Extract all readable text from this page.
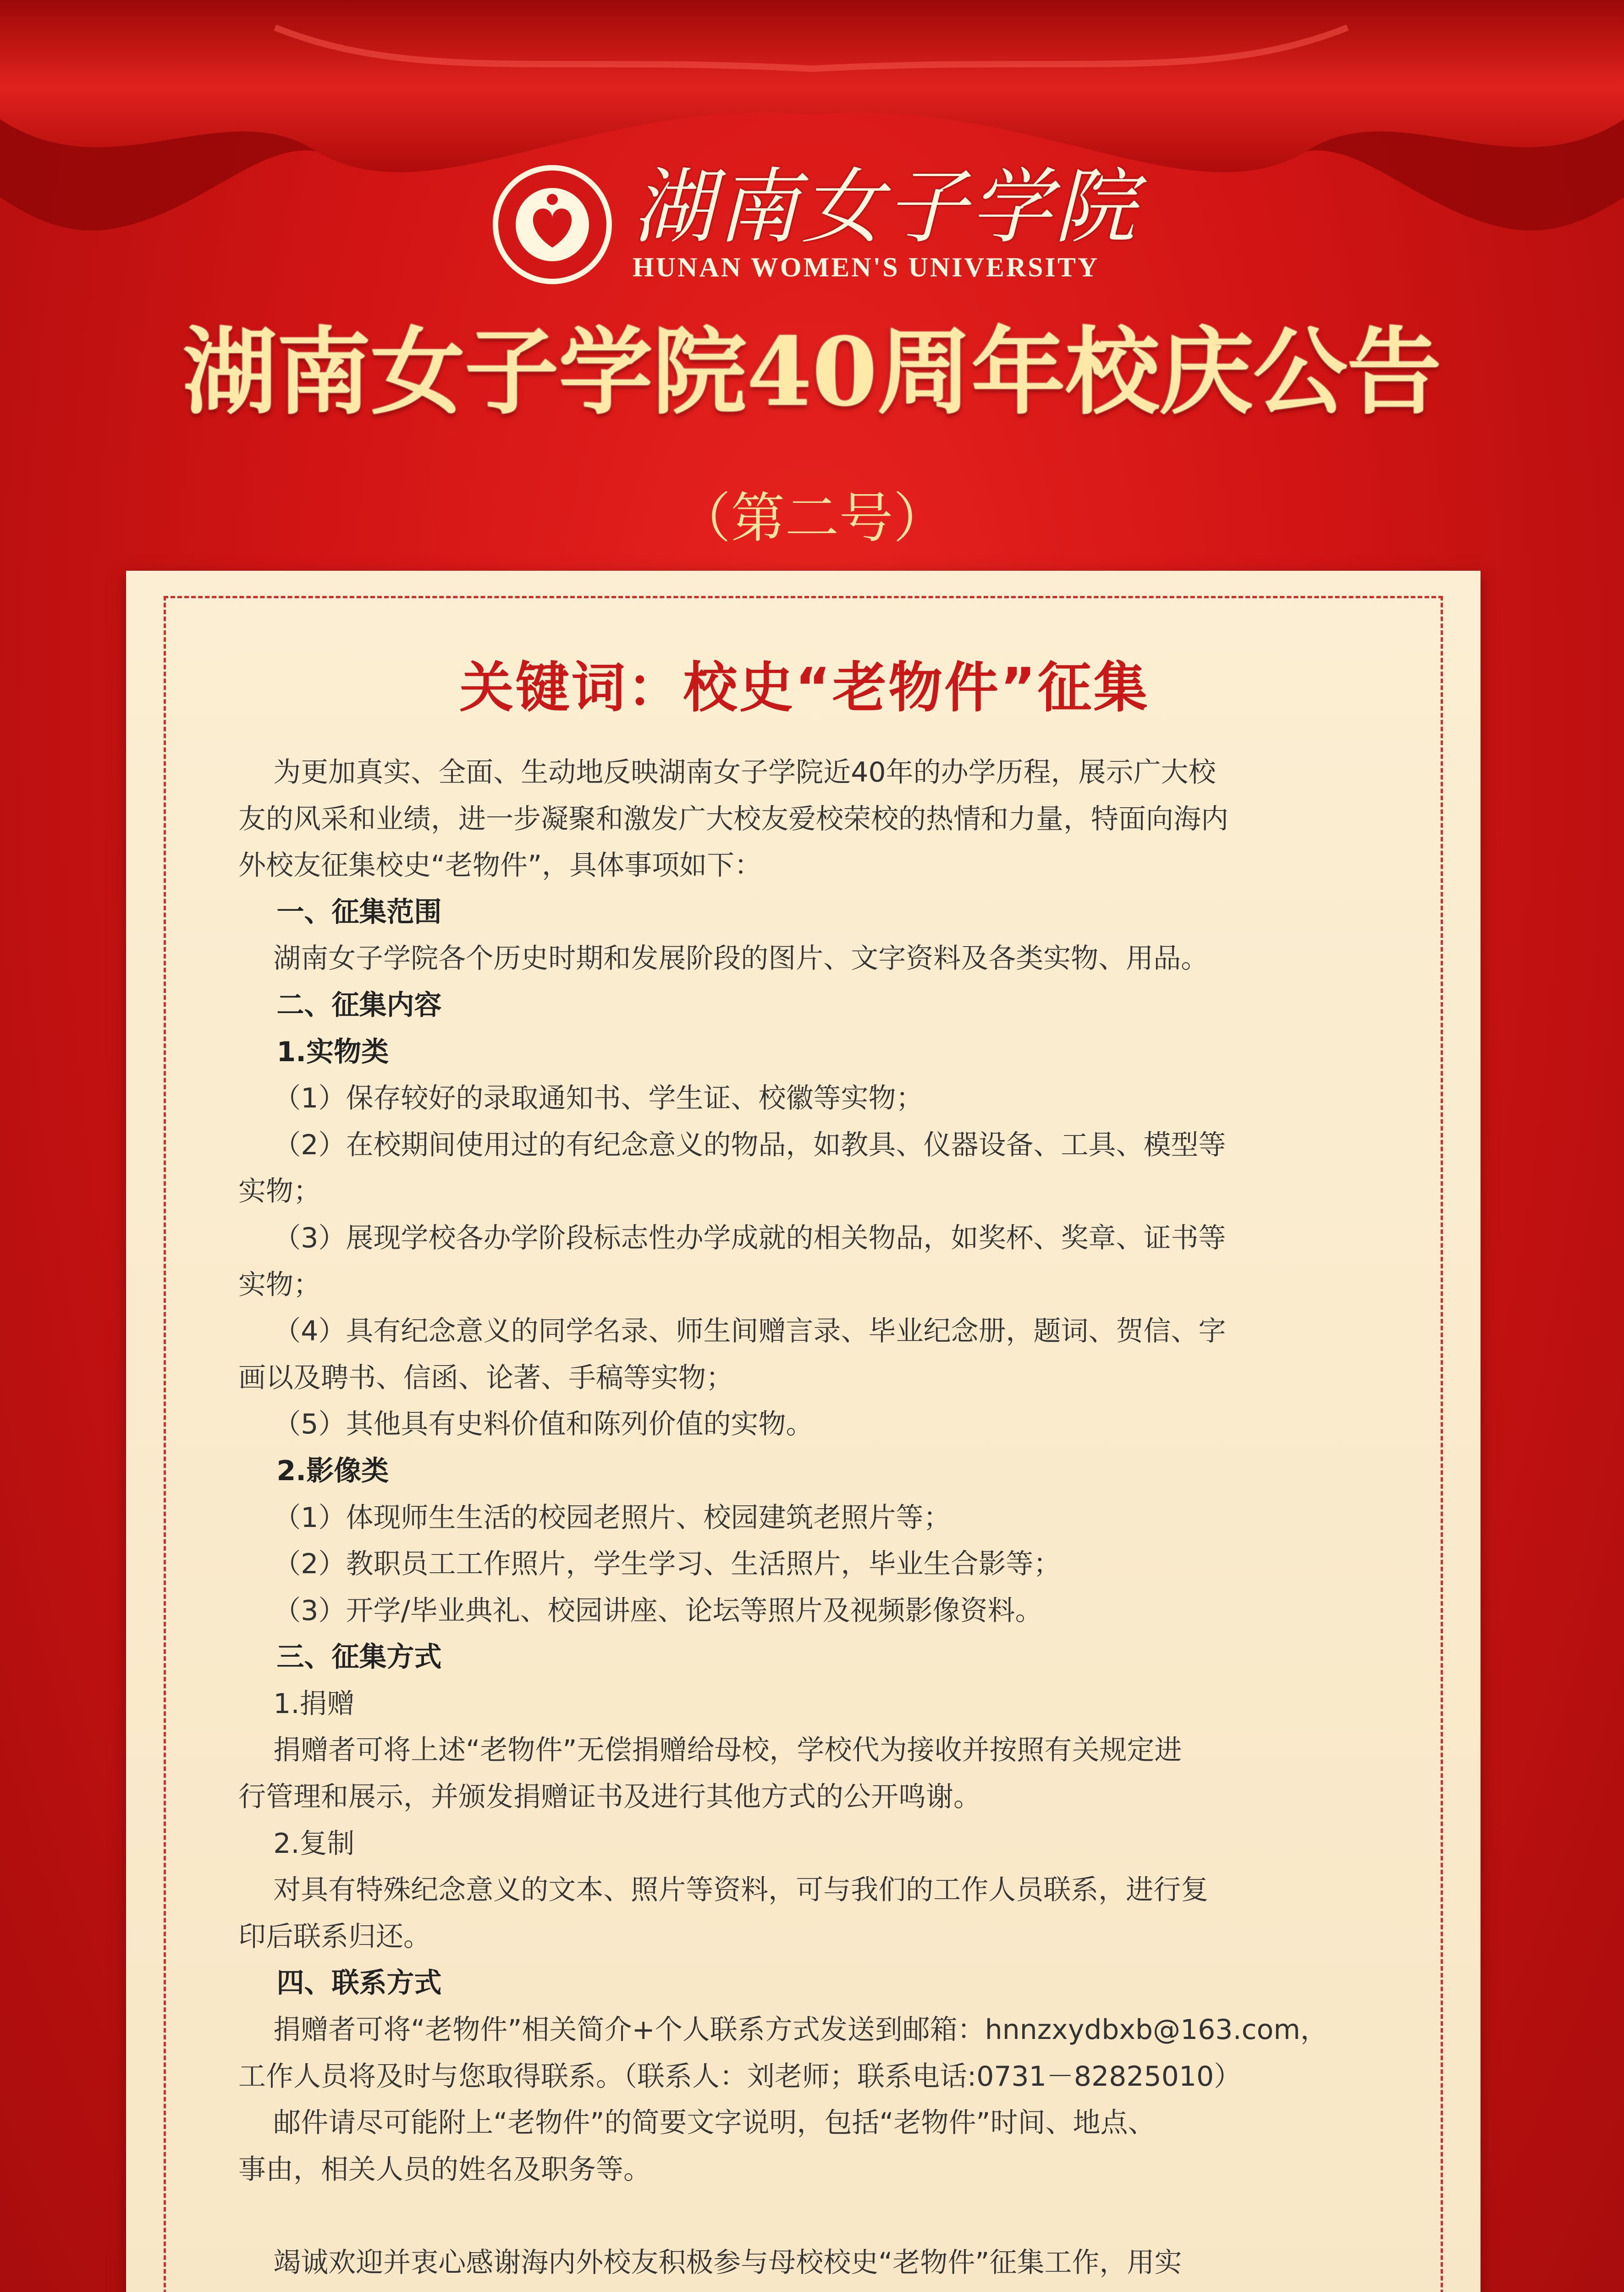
湖南女子学院
HUNAN WOMEN'S UNIVERSITY
湖南女子学院40周年校庆公告
（第二号）
关键词：校史“老物件”征集
为更加真实、全面、生动地反映湖南女子学院近40年的办学历程，展示广大校
友的风采和业绩，进一步凝聚和激发广大校友爱校荣校的热情和力量，特面向海内
外校友征集校史“老物件”，具体事项如下：
一、征集范围
湖南女子学院各个历史时期和发展阶段的图片、文字资料及各类实物、用品。
二、征集内容
1.实物类
（1）保存较好的录取通知书、学生证、校徽等实物；
（2）在校期间使用过的有纪念意义的物品，如教具、仪器设备、工具、模型等
实物；
（3）展现学校各办学阶段标志性办学成就的相关物品，如奖杯、奖章、证书等
实物；
（4）具有纪念意义的同学名录、师生间赠言录、毕业纪念册，题词、贺信、字
画以及聘书、信函、论著、手稿等实物；
（5）其他具有史料价值和陈列价值的实物。
2.影像类
（1）体现师生生活的校园老照片、校园建筑老照片等；
（2）教职员工工作照片，学生学习、生活照片，毕业生合影等；
（3）开学/毕业典礼、校园讲座、论坛等照片及视频影像资料。
三、征集方式
1.捐赠
捐赠者可将上述“老物件”无偿捐赠给母校，学校代为接收并按照有关规定进
行管理和展示，并颁发捐赠证书及进行其他方式的公开鸣谢。
2.复制
对具有特殊纪念意义的文本、照片等资料，可与我们的工作人员联系，进行复
印后联系归还。
四、联系方式
捐赠者可将“老物件”相关简介+个人联系方式发送到邮箱：hnnzxydbxb@163.com，
工作人员将及时与您取得联系。（联系人：刘老师；联系电话:0731－82825010）
邮件请尽可能附上“老物件”的简要文字说明，包括“老物件”时间、地点、
事由，相关人员的姓名及职务等。

竭诚欢迎并衷心感谢海内外校友积极参与母校校史“老物件”征集工作，用实
